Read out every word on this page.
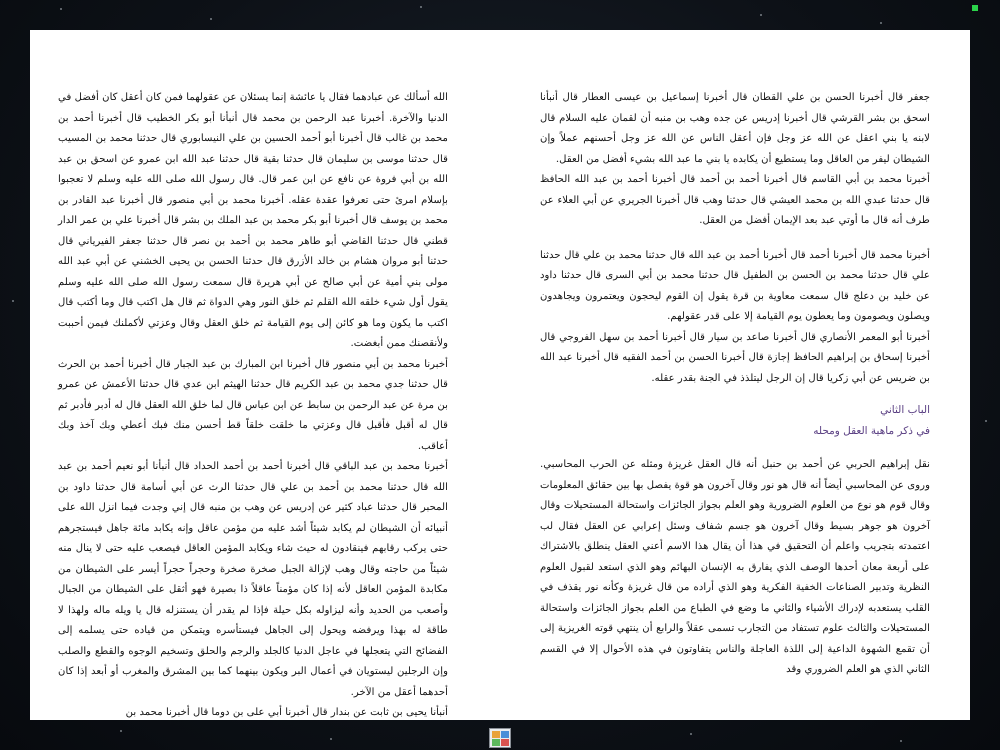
جعفر قال أخبرنا الحسن بن علي القطان قال أخبرنا إسماعيل بن عيسى العطار قال أنبأنا اسحق بن بشر القرشي قال أخبرنا إدريس عن جده وهب بن منبه أن لقمان عليه السلام قال لابنه يا بني اعقل عن الله عز وجل فإن أعقل الناس عن الله عز وجل أحسنهم عملاً وإن الشيطان ليفر من العاقل وما يستطيع أن يكابده يا بني ما عبد الله بشيء أفضل من العقل.

أخبرنا محمد بن أبي القاسم قال أخبرنا أحمد بن أحمد قال أخبرنا أحمد بن عبد الله الحافظ قال حدثنا عبدي الله بن محمد العيشي قال حدثنا وهب قال أخبرنا الجريري عن أبي العلاء عن طرف أنه قال ما أوتي عبد بعد الإيمان أفضل من العقل.

أخبرنا محمد قال أخبرنا أحمد قال أخبرنا أحمد بن عبد الله قال حدثنا محمد بن علي قال حدثنا علي قال حدثنا محمد بن الحسن بن الطفيل قال حدثنا محمد بن أبي السرى قال حدثنا داود عن خليد بن دعلج قال سمعت معاوية بن قرة يقول إن القوم ليحجون ويعتمرون ويجاهدون ويصلون ويصومون وما يعطون يوم القيامة إلا على قدر عقولهم.

أخبرنا أبو المعمر الأنصاري قال أخبرنا صاعد بن سيار قال أخبرنا أحمد بن سهل الفروجي قال أخبرنا إسحاق بن إبراهيم الحافظ إجازة قال أخبرنا الحسن بن أحمد الفقيه قال أخبرنا عبد الله بن ضريس عن أبي زكريا قال إن الرجل ليتلذذ في الجنة بقدر عقله.

الباب الثاني

في ذكر ماهية العقل ومحله

نقل إبراهيم الحربي عن أحمد بن حنبل أنه قال العقل غريزة ومثله عن الحرب المحاسبي. وروى عن المحاسبي أيضاً أنه قال هو نور وقال آخرون هو قوة يفصل بها بين حقائق المعلومات وقال قوم هو نوع من العلوم الضرورية وهو العلم بجواز الجائزات واستحالة المستحيلات وقال آخرون هو جوهر بسيط وقال آخرون هو جسم شفاف وسئل إعرابي عن العقل فقال لب اعتمدته بتجريب واعلم أن التحقيق في هذا أن يقال هذا الاسم أعني العقل ينطلق بالاشتراك على أربعة معان أحدها الوصف الذي يفارق به الإنسان البهائم وهو الذي استعد لقبول العلوم النظرية وتدبير الصناعات الخفية الفكرية وهو الذي أراده من قال غريزة وكأنه نور يقذف في القلب يستعدبه لإدراك الأشياء والثاني ما وضع في الطباع من العلم بجواز الجائزات واستحالة المستحيلات والثالث علوم تستفاد من التجارب تسمى عقلاً والرابع أن ينتهي قوته الغريزية إلى أن تقمع الشهوة الداعية إلى اللذة العاجلة والناس يتفاوتون في هذه الأحوال إلا في القسم الثاني الذي هو العلم الضروري وقد

الله أسألك عن عبادهما فقال يا عائشة إنما يسئلان عن عقولهما فمن كان أعقل كان أفضل في الدنيا والآخرة. أخبرنا عبد الرحمن بن محمد قال أنبأنا أبو بكر الخطيب قال أخبرنا أحمد بن محمد بن غالب قال أخبرنا أبو أحمد الحسين بن علي النيسابوري قال حدثنا محمد بن المسيب قال حدثنا موسى بن سليمان قال حدثنا بقية قال حدثنا عبد الله ابن عمرو عن اسحق بن عبد الله بن أبي فروة عن نافع عن ابن عمر قال. قال رسول الله صلى الله عليه وسلم لا تعجبوا بإسلام امرئ حتى تعرفوا عقدة عقله. أخبرنا محمد بن أبي منصور قال أخبرنا عبد القادر بن محمد بن يوسف قال أخبرنا أبو بكر محمد بن عبد الملك بن بشر قال أخبرنا علي بن عمر الدار قطني قال حدثنا القاضي أبو طاهر محمد بن أحمد بن نصر قال حدثنا جعفر الفيرياني قال حدثنا أبو مروان هشام بن خالد الأزرق قال حدثنا الحسن بن يحيى الخشني عن أبي عبد الله مولى بني أمية عن أبي صالح عن أبي هريرة قال سمعت رسول الله صلى الله عليه وسلم يقول أول شيء خلقه الله القلم ثم خلق النور وهي الدواة ثم قال هل اكتب قال وما أكتب قال اكتب ما يكون وما هو كائن إلى يوم القيامة ثم خلق العقل وقال وعزتي لأكملنك فيمن أحببت ولأنقصنك ممن أبغضت.

أخبرنا محمد بن أبي منصور قال أخبرنا ابن المبارك بن عبد الجبار قال أخبرنا أحمد بن الحرث قال حدثنا جدي محمد بن عبد الكريم قال حدثنا الهيثم ابن عدي قال حدثنا الأعمش عن عمرو بن مرة عن عبد الرحمن بن سابط عن ابن عباس قال لما خلق الله العقل قال له أدبر فأدبر ثم قال له أقبل فأقبل قال وعزتي ما خلقت خلقاً قط أحسن منك فبك أعطي وبك آخذ وبك أعاقب.

أخبرنا محمد بن عبد الباقي قال أخبرنا أحمد بن أحمد الحداد قال أنبأنا أبو نعيم أحمد بن عبد الله قال حدثنا محمد بن أحمد بن علي قال حدثنا الرث عن أبي أسامة قال حدثنا داود بن المحبر قال حدثنا عباد كثير عن إدريس عن وهب بن منبه قال إني وجدت فيما انزل الله على أنبيائه أن الشيطان لم يكابد شيئاً أشد عليه من مؤمن عاقل وإنه يكابد مائة جاهل فيستجرهم حتى يركب رقابهم فينقادون له حيث شاء ويكابد المؤمن العاقل فيصعب عليه حتى لا ينال منه شيئاً من حاجته وقال وهب لإزالة الجبل صخرة صخرة وحجراً حجراً أيسر على الشيطان من مكابدة المؤمن العاقل لأنه إذا كان مؤمناً عاقلاً ذا بصيرة فهو أثقل على الشيطان من الجبال وأصعب من الحديد وأنه ليزاوله بكل حيلة فإذا لم يقدر أن يستنزله قال يا ويله ماله ولهذا لا طاقة له بهذا ويرفضه ويحول إلى الجاهل فيستأسره ويتمكن من قياده حتى يسلمه إلى الفضائح التي يتعجلها في عاجل الدنيا كالجلد والرجم والحلق وتسخيم الوجوه والقطع والصلب وإن الرجلين ليستويان في أعمال البر ويكون بينهما كما بين المشرق والمغرب أو أبعد إذا كان أحدهما أعقل من الآخر.

أنبأنا يحيى بن ثابت عن بندار قال أخبرنا أبي على بن دوما قال أخبرنا محمد بن
